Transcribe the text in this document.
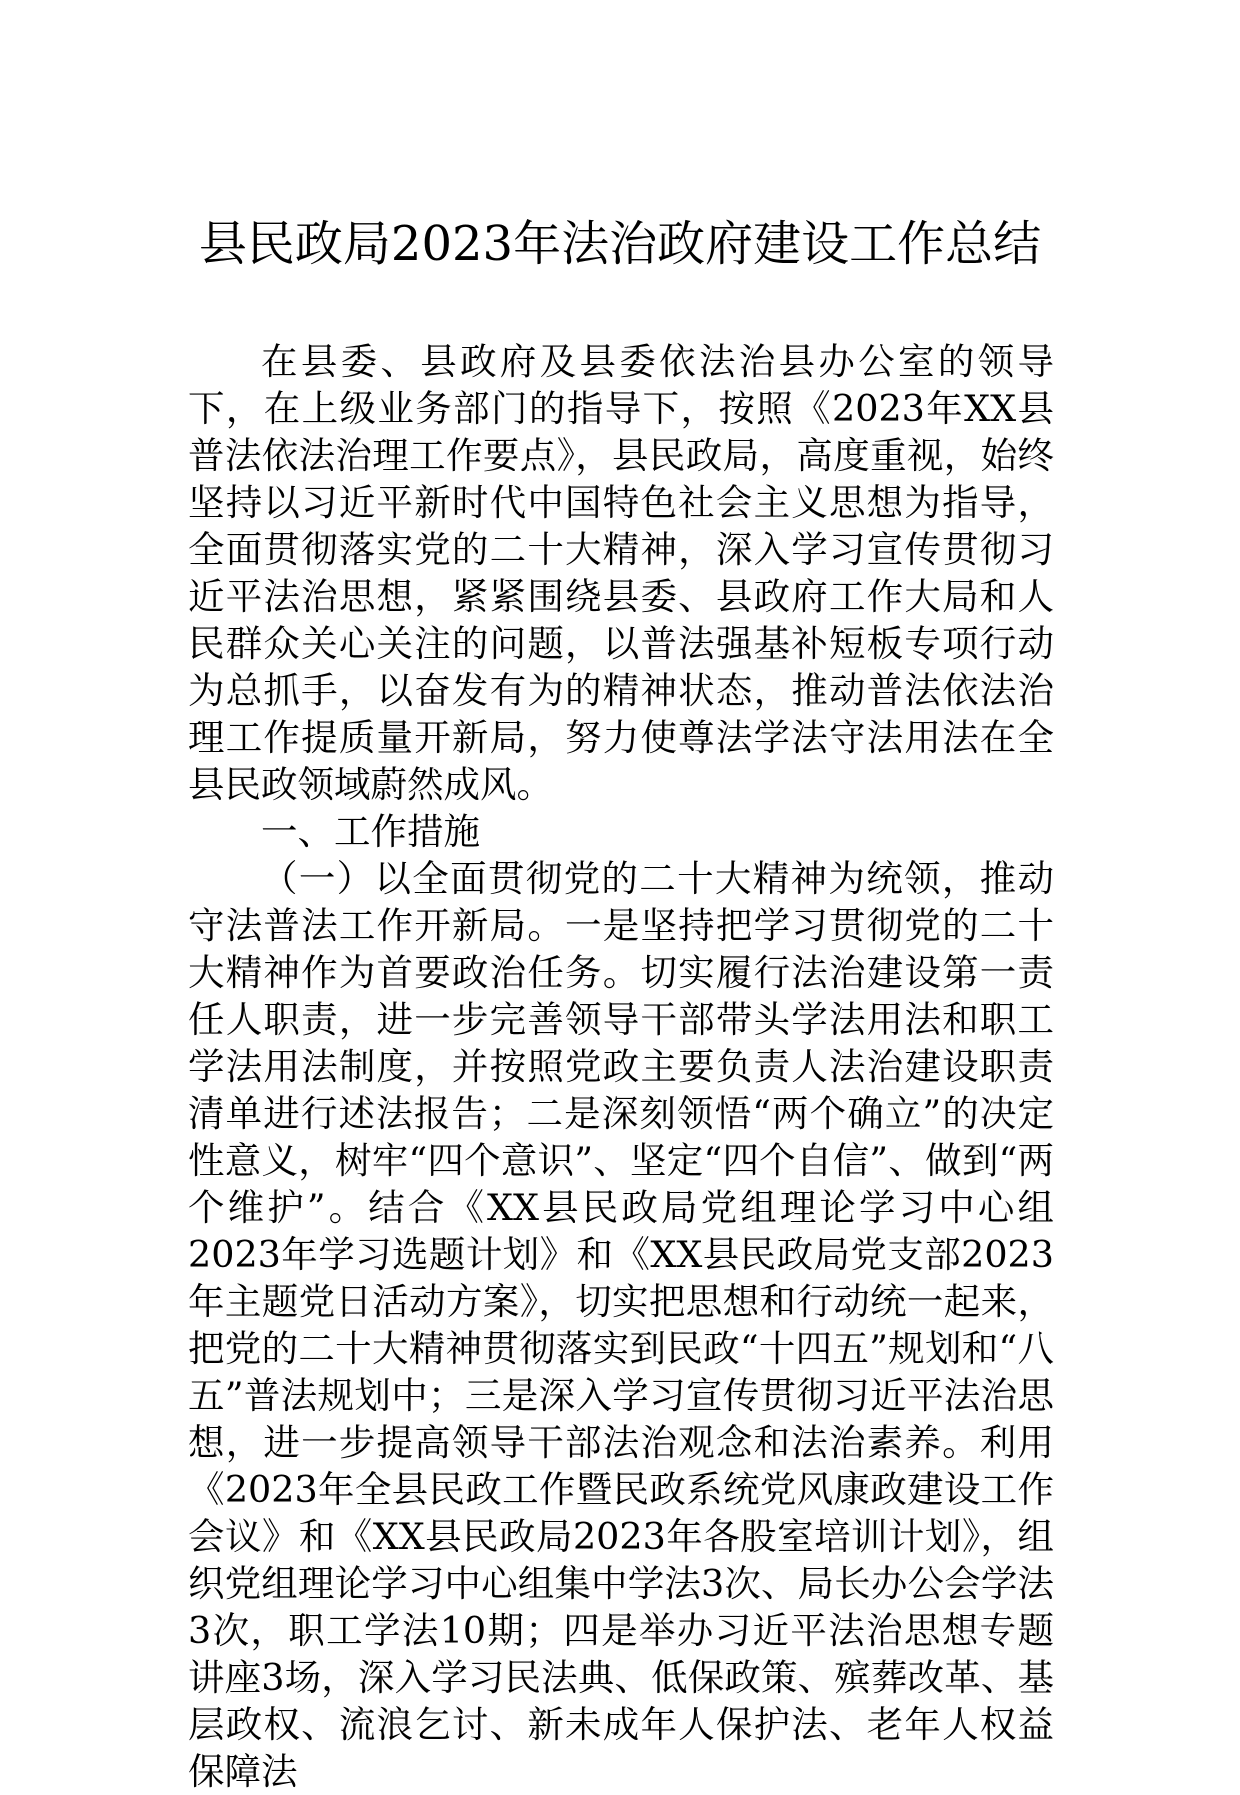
县民政局2023年法治政府建设工作总结

在县委、县政府及县委依法治县办公室的领导下，在上级业务部门的指导下，按照《2023年XX县普法依法治理工作要点》，县民政局，高度重视，始终坚持以习近平新时代中国特色社会主义思想为指导，全面贯彻落实党的二十大精神，深入学习宣传贯彻习近平法治思想，紧紧围绕县委、县政府工作大局和人民群众关心关注的问题，以普法强基补短板专项行动为总抓手，以奋发有为的精神状态，推动普法依法治理工作提质量开新局，努力使尊法学法守法用法在全县民政领域蔚然成风。

一、工作措施

（一）以全面贯彻党的二十大精神为统领，推动守法普法工作开新局。一是坚持把学习贯彻党的二十大精神作为首要政治任务。切实履行法治建设第一责任人职责，进一步完善领导干部带头学法用法和职工学法用法制度，并按照党政主要负责人法治建设职责清单进行述法报告；二是深刻领悟“两个确立”的决定性意义，树牢“四个意识”、坚定“四个自信”、做到“两个维护”。结合《XX县民政局党组理论学习中心组2023年学习选题计划》和《XX县民政局党支部2023年主题党日活动方案》，切实把思想和行动统一起来，把党的二十大精神贯彻落实到民政“十四五”规划和“八五”普法规划中；三是深入学习宣传贯彻习近平法治思想，进一步提高领导干部法治观念和法治素养。利用《2023年全县民政工作暨民政系统党风康政建设工作会议》和《XX县民政局2023年各股室培训计划》，组织党组理论学习中心组集中学法3次、局长办公会学法3次，职工学法10期；四是举办习近平法治思想专题讲座3场，深入学习民法典、低保政策、殡葬改革、基层政权、流浪乞讨、新未成年人保护法、老年人权益保障法
